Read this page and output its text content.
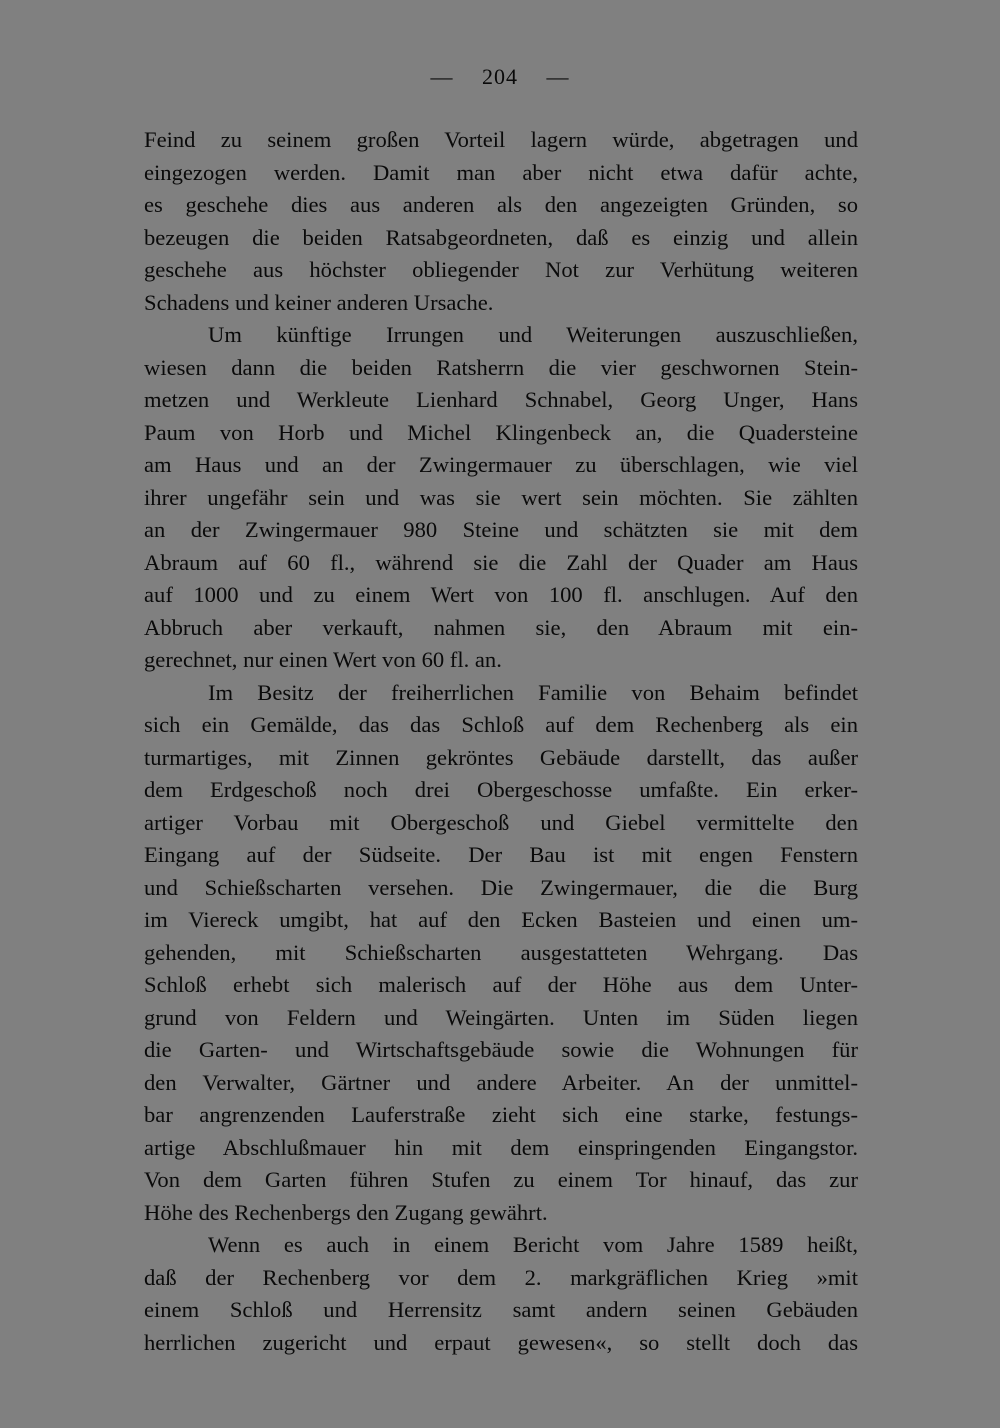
— 204 —
Feind zu seinem großen Vorteil lagern würde, abgetragen und
eingezogen werden. Damit man aber nicht etwa dafür achte,
es geschehe dies aus anderen als den angezeigten Gründen, so
bezeugen die beiden Ratsabgeordneten, daß es einzig und allein
geschehe aus höchster obliegender Not zur Verhütung weiteren
Schadens und keiner anderen Ursache.
Um künftige Irrungen und Weiterungen auszuschließen,
wiesen dann die beiden Ratsherrn die vier geschwornen Stein-
metzen und Werkleute Lienhard Schnabel, Georg Unger, Hans
Paum von Horb und Michel Klingenbeck an, die Quadersteine
am Haus und an der Zwingermauer zu überschlagen, wie viel
ihrer ungefähr sein und was sie wert sein möchten. Sie zählten
an der Zwingermauer 980 Steine und schätzten sie mit dem
Abraum auf 60 fl., während sie die Zahl der Quader am Haus
auf 1000 und zu einem Wert von 100 fl. anschlugen. Auf den
Abbruch aber verkauft, nahmen sie, den Abraum mit ein-
gerechnet, nur einen Wert von 60 fl. an.
Im Besitz der freiherrlichen Familie von Behaim befindet
sich ein Gemälde, das das Schloß auf dem Rechenberg als ein
turmartiges, mit Zinnen gekröntes Gebäude darstellt, das außer
dem Erdgeschoß noch drei Obergeschosse umfaßte. Ein erker-
artiger Vorbau mit Obergeschoß und Giebel vermittelte den
Eingang auf der Südseite. Der Bau ist mit engen Fenstern
und Schießscharten versehen. Die Zwingermauer, die die Burg
im Viereck umgibt, hat auf den Ecken Basteien und einen um-
gehenden, mit Schießscharten ausgestatteten Wehrgang. Das
Schloß erhebt sich malerisch auf der Höhe aus dem Unter-
grund von Feldern und Weingärten. Unten im Süden liegen
die Garten- und Wirtschaftsgebäude sowie die Wohnungen für
den Verwalter, Gärtner und andere Arbeiter. An der unmittel-
bar angrenzenden Lauferstraße zieht sich eine starke, festungs-
artige Abschlußmauer hin mit dem einspringenden Eingangstor.
Von dem Garten führen Stufen zu einem Tor hinauf, das zur
Höhe des Rechenbergs den Zugang gewährt.
Wenn es auch in einem Bericht vom Jahre 1589 heißt,
daß der Rechenberg vor dem 2. markgräflichen Krieg »mit
einem Schloß und Herrensitz samt andern seinen Gebäuden
herrlichen zugericht und erpaut gewesen«, so stellt doch das
